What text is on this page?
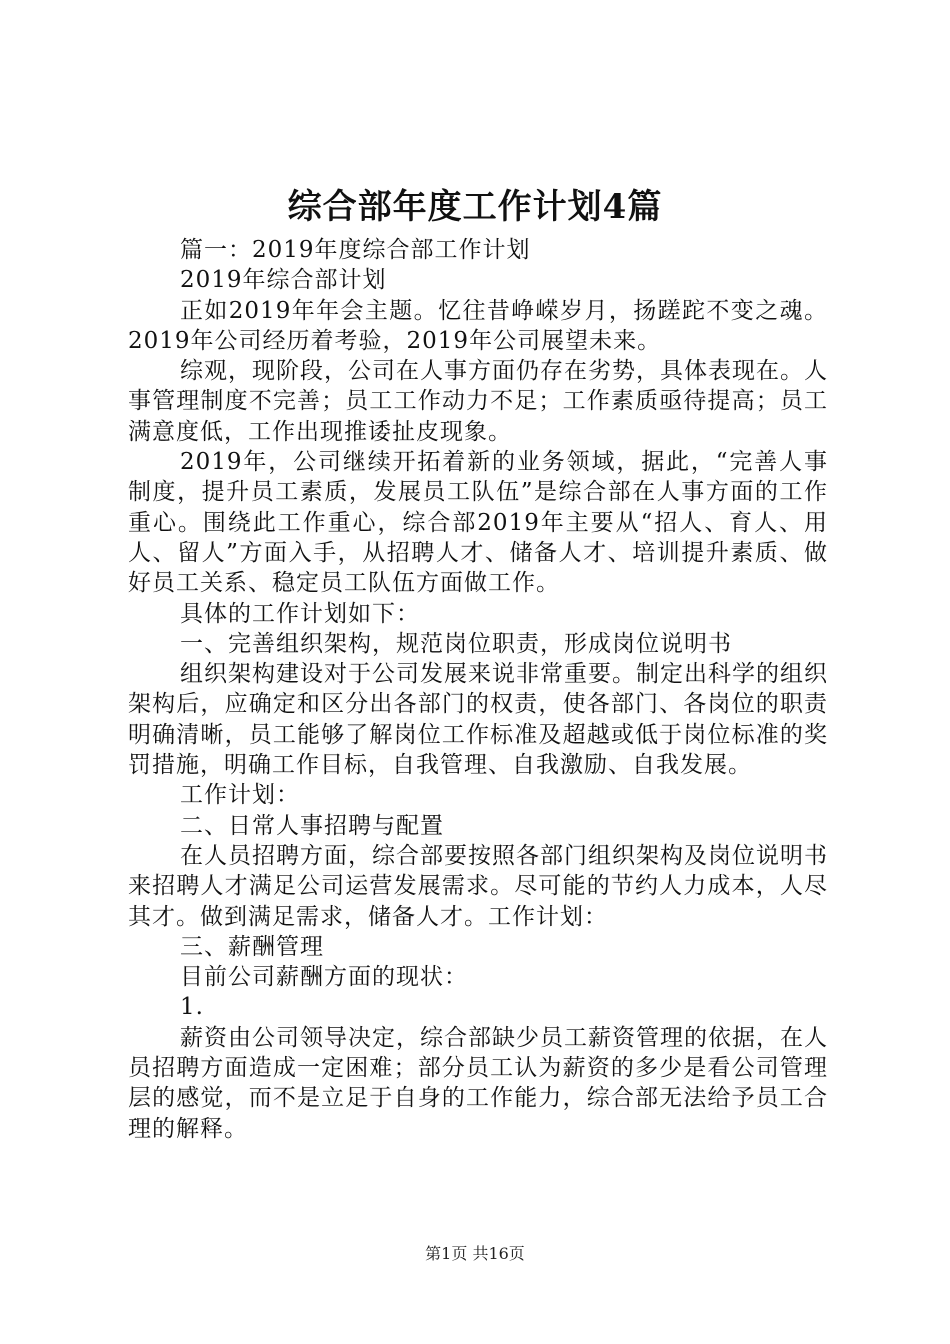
综合部年度工作计划4篇

篇一：2019年度综合部工作计划

2019年综合部计划

正如2019年年会主题。忆往昔峥嵘岁月，扬蹉跎不变之魂。2019年公司经历着考验，2019年公司展望未来。

综观，现阶段，公司在人事方面仍存在劣势，具体表现在。人事管理制度不完善；员工工作动力不足；工作素质亟待提高；员工满意度低，工作出现推诿扯皮现象。

2019年，公司继续开拓着新的业务领域，据此，“完善人事制度，提升员工素质，发展员工队伍”是综合部在人事方面的工作重心。围绕此工作重心，综合部2019年主要从“招人、育人、用人、留人”方面入手，从招聘人才、储备人才、培训提升素质、做好员工关系、稳定员工队伍方面做工作。

具体的工作计划如下：

一、完善组织架构，规范岗位职责，形成岗位说明书

组织架构建设对于公司发展来说非常重要。制定出科学的组织架构后，应确定和区分出各部门的权责，使各部门、各岗位的职责明确清晰，员工能够了解岗位工作标准及超越或低于岗位标准的奖罚措施，明确工作目标，自我管理、自我激励、自我发展。

工作计划：

二、日常人事招聘与配置

在人员招聘方面，综合部要按照各部门组织架构及岗位说明书来招聘人才满足公司运营发展需求。尽可能的节约人力成本，人尽其才。做到满足需求，储备人才。工作计划：

三、薪酬管理

目前公司薪酬方面的现状：

1.

薪资由公司领导决定，综合部缺少员工薪资管理的依据，在人员招聘方面造成一定困难；部分员工认为薪资的多少是看公司管理层的感觉，而不是立足于自身的工作能力，综合部无法给予员工合理的解释。

第1页 共16页
